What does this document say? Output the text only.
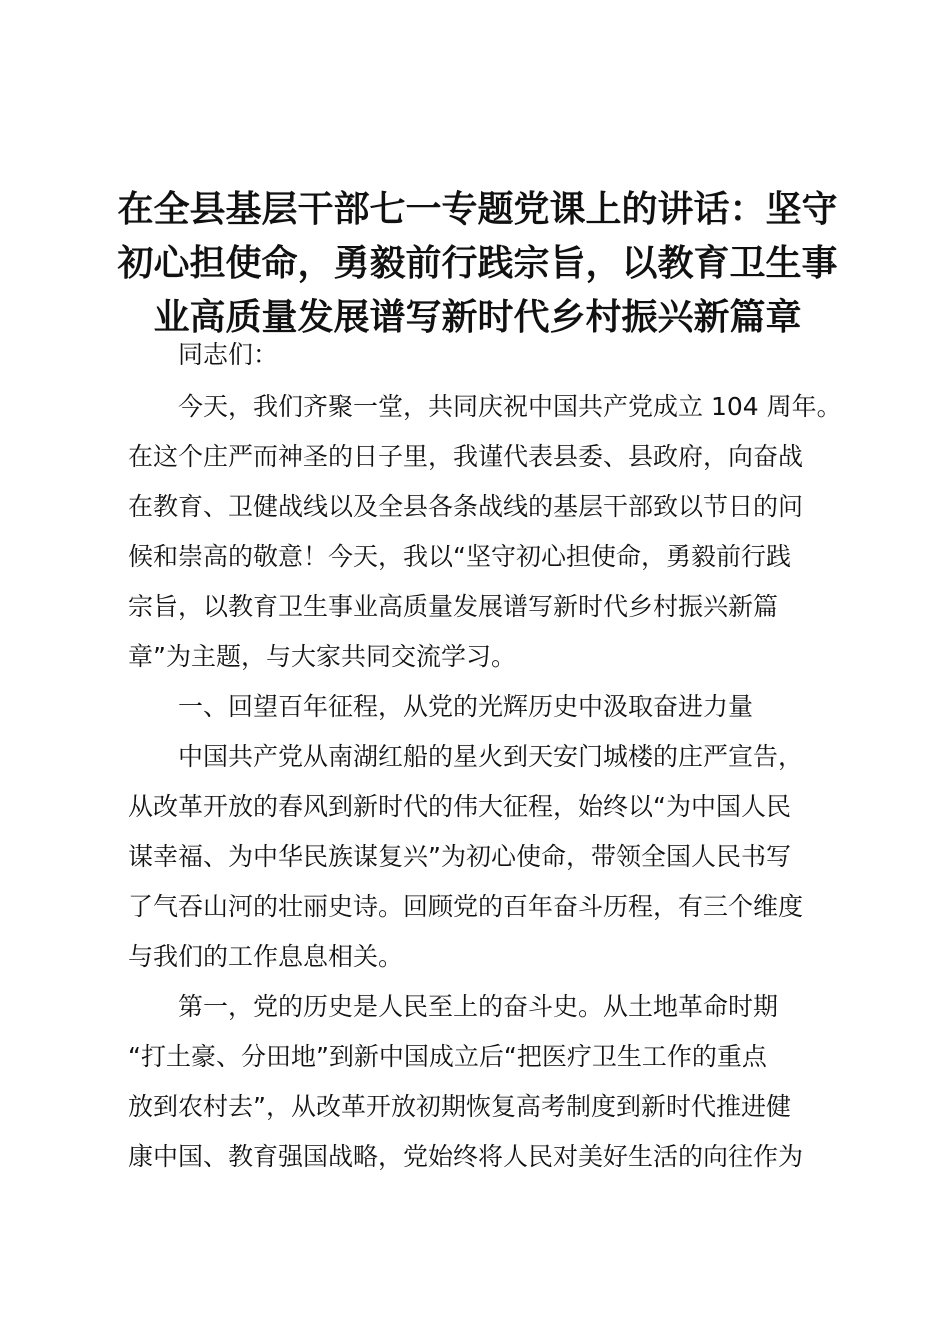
在全县基层干部七一专题党课上的讲话：坚守
初心担使命，勇毅前行践宗旨，以教育卫生事
业高质量发展谱写新时代乡村振兴新篇章
同志们：
今天，我们齐聚一堂，共同庆祝中国共产党成立 104 周年。
在这个庄严而神圣的日子里，我谨代表县委、县政府，向奋战
在教育、卫健战线以及全县各条战线的基层干部致以节日的问
候和崇高的敬意！今天，我以“坚守初心担使命，勇毅前行践
宗旨，以教育卫生事业高质量发展谱写新时代乡村振兴新篇
章”为主题，与大家共同交流学习。
一、回望百年征程，从党的光辉历史中汲取奋进力量
中国共产党从南湖红船的星火到天安门城楼的庄严宣告，
从改革开放的春风到新时代的伟大征程，始终以“为中国人民
谋幸福、为中华民族谋复兴”为初心使命，带领全国人民书写
了气吞山河的壮丽史诗。回顾党的百年奋斗历程，有三个维度
与我们的工作息息相关。
第一，党的历史是人民至上的奋斗史。从土地革命时期
“打土豪、分田地”到新中国成立后“把医疗卫生工作的重点
放到农村去”，从改革开放初期恢复高考制度到新时代推进健
康中国、教育强国战略，党始终将人民对美好生活的向往作为
